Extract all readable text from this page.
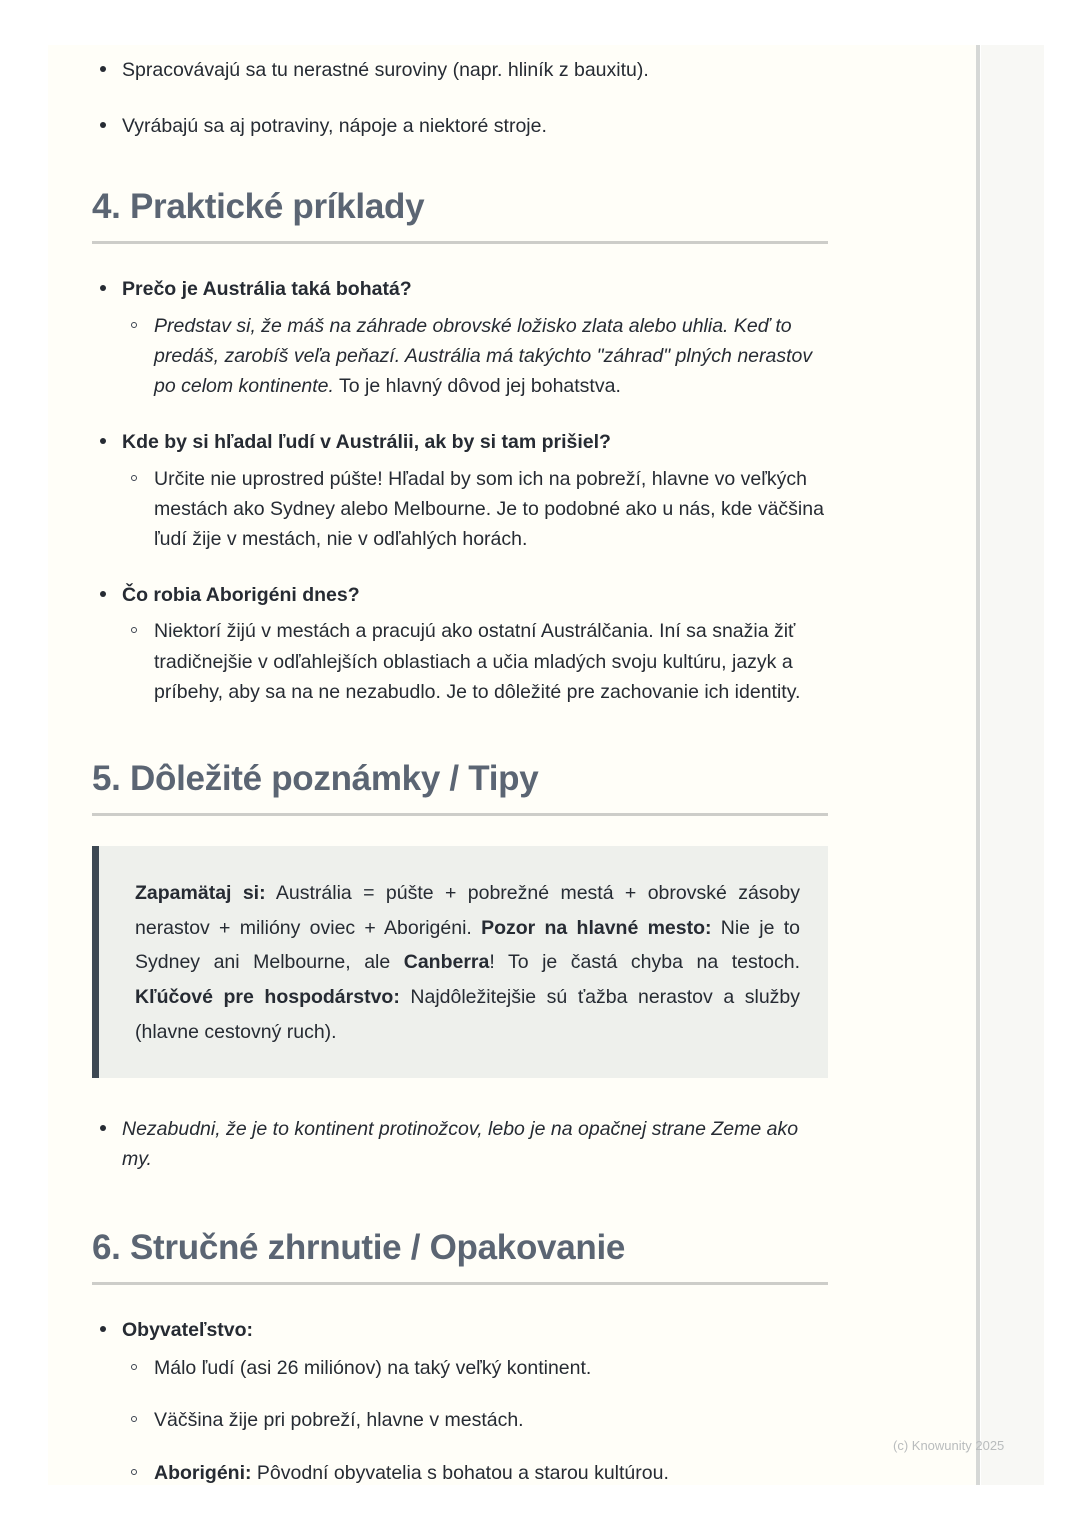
Spracovávajú sa tu nerastné suroviny (napr. hliník z bauxitu).
Vyrábajú sa aj potraviny, nápoje a niektoré stroje.
4. Praktické príklady
Prečo je Austrália taká bohatá?
Predstav si, že máš na záhrade obrovské ložisko zlata alebo uhlia. Keď to predáš, zarobíš veľa peňazí. Austrália má takýchto "záhrad" plných nerastov po celom kontinente. To je hlavný dôvod jej bohatstva.
Kde by si hľadal ľudí v Austrálii, ak by si tam prišiel?
Určite nie uprostred púšte! Hľadal by som ich na pobreží, hlavne vo veľkých mestách ako Sydney alebo Melbourne. Je to podobné ako u nás, kde väčšina ľudí žije v mestách, nie v odľahlých horách.
Čo robia Aborigéni dnes?
Niektorí žijú v mestách a pracujú ako ostatní Austrálčania. Iní sa snažia žiť tradičnejšie v odľahlejších oblastiach a učia mladých svoju kultúru, jazyk a príbehy, aby sa na ne nezabudlo. Je to dôležité pre zachovanie ich identity.
5. Dôležité poznámky / Tipy

Zapamätaj si: Austrália = púšte + pobrežné mestá + obrovské zásoby nerastov + milióny oviec + Aborigéni. Pozor na hlavné mesto: Nie je to Sydney ani Melbourne, ale Canberra! To je častá chyba na testoch. Kľúčové pre hospodárstvo: Najdôležitejšie sú ťažba nerastov a služby (hlavne cestovný ruch).

Nezabudni, že je to kontinent protinožcov, lebo je na opačnej strane Zeme ako my.
6. Stručné zhrnutie / Opakovanie
Obyvateľstvo:
Málo ľudí (asi 26 miliónov) na taký veľký kontinent.
Väčšina žije pri pobreží, hlavne v mestách.
Aborigéni: Pôvodní obyvatelia s bohatou a starou kultúrou.
(c) Knowunity 2025
